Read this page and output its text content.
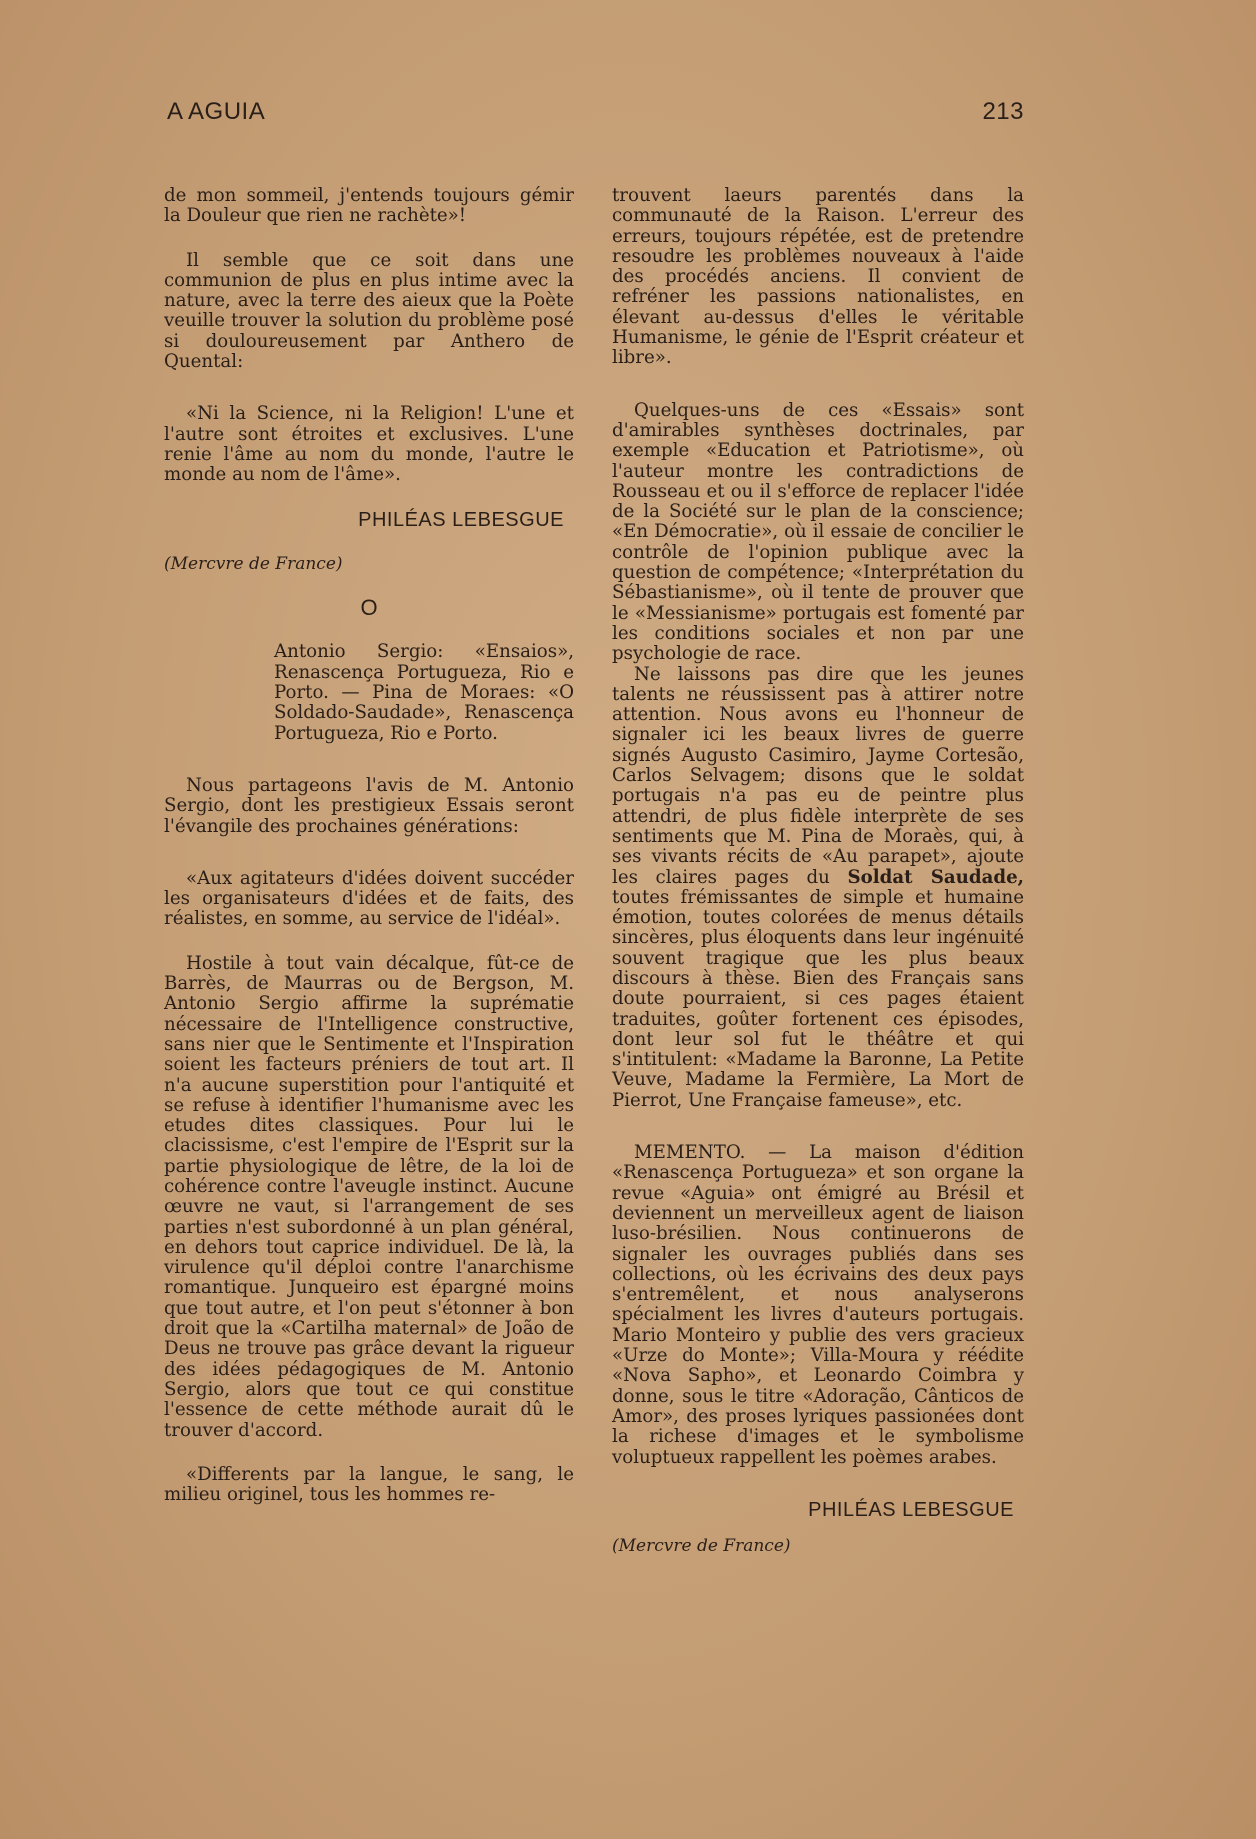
A AGUIA	213

de mon sommeil, j'entends toujours gémir la Douleur que rien ne rachète»!

Il semble que ce soit dans une communion de plus en plus intime avec la nature, avec la terre des aieux que la Poète veuille trouver la solution du problème posé si douloureusement par Anthero de Quental:

«Ni la Science, ni la Religion! L'une et l'autre sont étroites et exclusives. L'une renie l'âme au nom du monde, l'autre le monde au nom de l'âme».

PHILÉAS LEBESGUE

(Mercvre de France)

O

Antonio Sergio: «Ensaios», Renascença Portugueza, Rio e Porto. — Pina de Moraes: «O Soldado-Saudade», Renascença Portugueza, Rio e Porto.

Nous partageons l'avis de M. Antonio Sergio, dont les prestigieux Essais seront l'évangile des prochaines générations:

«Aux agitateurs d'idées doivent succéder les organisateurs d'idées et de faits, des réalistes, en somme, au service de l'idéal».

Hostile à tout vain décalque, fût-ce de Barrès, de Maurras ou de Bergson, M. Antonio Sergio affirme la suprématie nécessaire de l'Intelligence constructive, sans nier que le Sentimente et l'Inspiration soient les facteurs préniers de tout art. Il n'a aucune superstition pour l'antiquité et se refuse à identifier l'humanisme avec les etudes dites classiques. Pour lui le clacissisme, c'est l'empire de l'Esprit sur la partie physiologique de lêtre, de la loi de cohérence contre l'aveugle instinct. Aucune œuvre ne vaut, si l'arrangement de ses parties n'est subordonné à un plan général, en dehors tout caprice individuel. De là, la virulence qu'il déploi contre l'anarchisme romantique. Junqueiro est épargné moins que tout autre, et l'on peut s'étonner à bon droit que la «Cartilha maternal» de João de Deus ne trouve pas grâce devant la rigueur des idées pédagogiques de M. Antonio Sergio, alors que tout ce qui constitue l'essence de cette méthode aurait dû le trouver d'accord.

«Differents par la langue, le sang, le milieu originel, tous les hommes re-

trouvent laeurs parentés dans la communauté de la Raison. L'erreur des erreurs, toujours répétée, est de pretendre resoudre les problèmes nouveaux à l'aide des procédés anciens. Il convient de refréner les passions nationalistes, en élevant au-dessus d'elles le véritable Humanisme, le génie de l'Esprit créateur et libre».

Quelques-uns de ces «Essais» sont d'amirables synthèses doctrinales, par exemple «Education et Patriotisme», où l'auteur montre les contradictions de Rousseau et ou il s'efforce de replacer l'idée de la Société sur le plan de la conscience; «En Démocratie», où il essaie de concilier le contrôle de l'opinion publique avec la question de compétence; «Interprétation du Sébastianisme», où il tente de prouver que le «Messianisme» portugais est fomenté par les conditions sociales et non par une psychologie de race.

Ne laissons pas dire que les jeunes talents ne réussissent pas à attirer notre attention. Nous avons eu l'honneur de signaler ici les beaux livres de guerre signés Augusto Casimiro, Jayme Cortesão, Carlos Selvagem; disons que le soldat portugais n'a pas eu de peintre plus attendri, de plus fidèle interprète de ses sentiments que M. Pina de Moraès, qui, à ses vivants récits de «Au parapet», ajoute les claires pages du Soldat Saudade, toutes frémissantes de simple et humaine émotion, toutes colorées de menus détails sincères, plus éloquents dans leur ingénuité souvent tragique que les plus beaux discours à thèse. Bien des Français sans doute pourraient, si ces pages étaient traduites, goûter fortenent ces épisodes, dont leur sol fut le théâtre et qui s'intitulent: «Madame la Baronne, La Petite Veuve, Madame la Fermière, La Mort de Pierrot, Une Française fameuse», etc.

MEMENTO. — La maison d'édition «Renascença Portugueza» et son organe la revue «Aguia» ont émigré au Brésil et deviennent un merveilleux agent de liaison luso-brésilien. Nous continuerons de signaler les ouvrages publiés dans ses collections, où les écrivains des deux pays s'entremêlent, et nous analyserons spécialment les livres d'auteurs portugais. Mario Monteiro y publie des vers gracieux «Urze do Monte»; Villa-Moura y réédite «Nova Sapho», et Leonardo Coimbra y donne, sous le titre «Adoração, Cânticos de Amor», des proses lyriques passionées dont la richese d'images et le symbolisme voluptueux rappellent les poèmes arabes.

PHILÉAS LEBESGUE

(Mercvre de France)
